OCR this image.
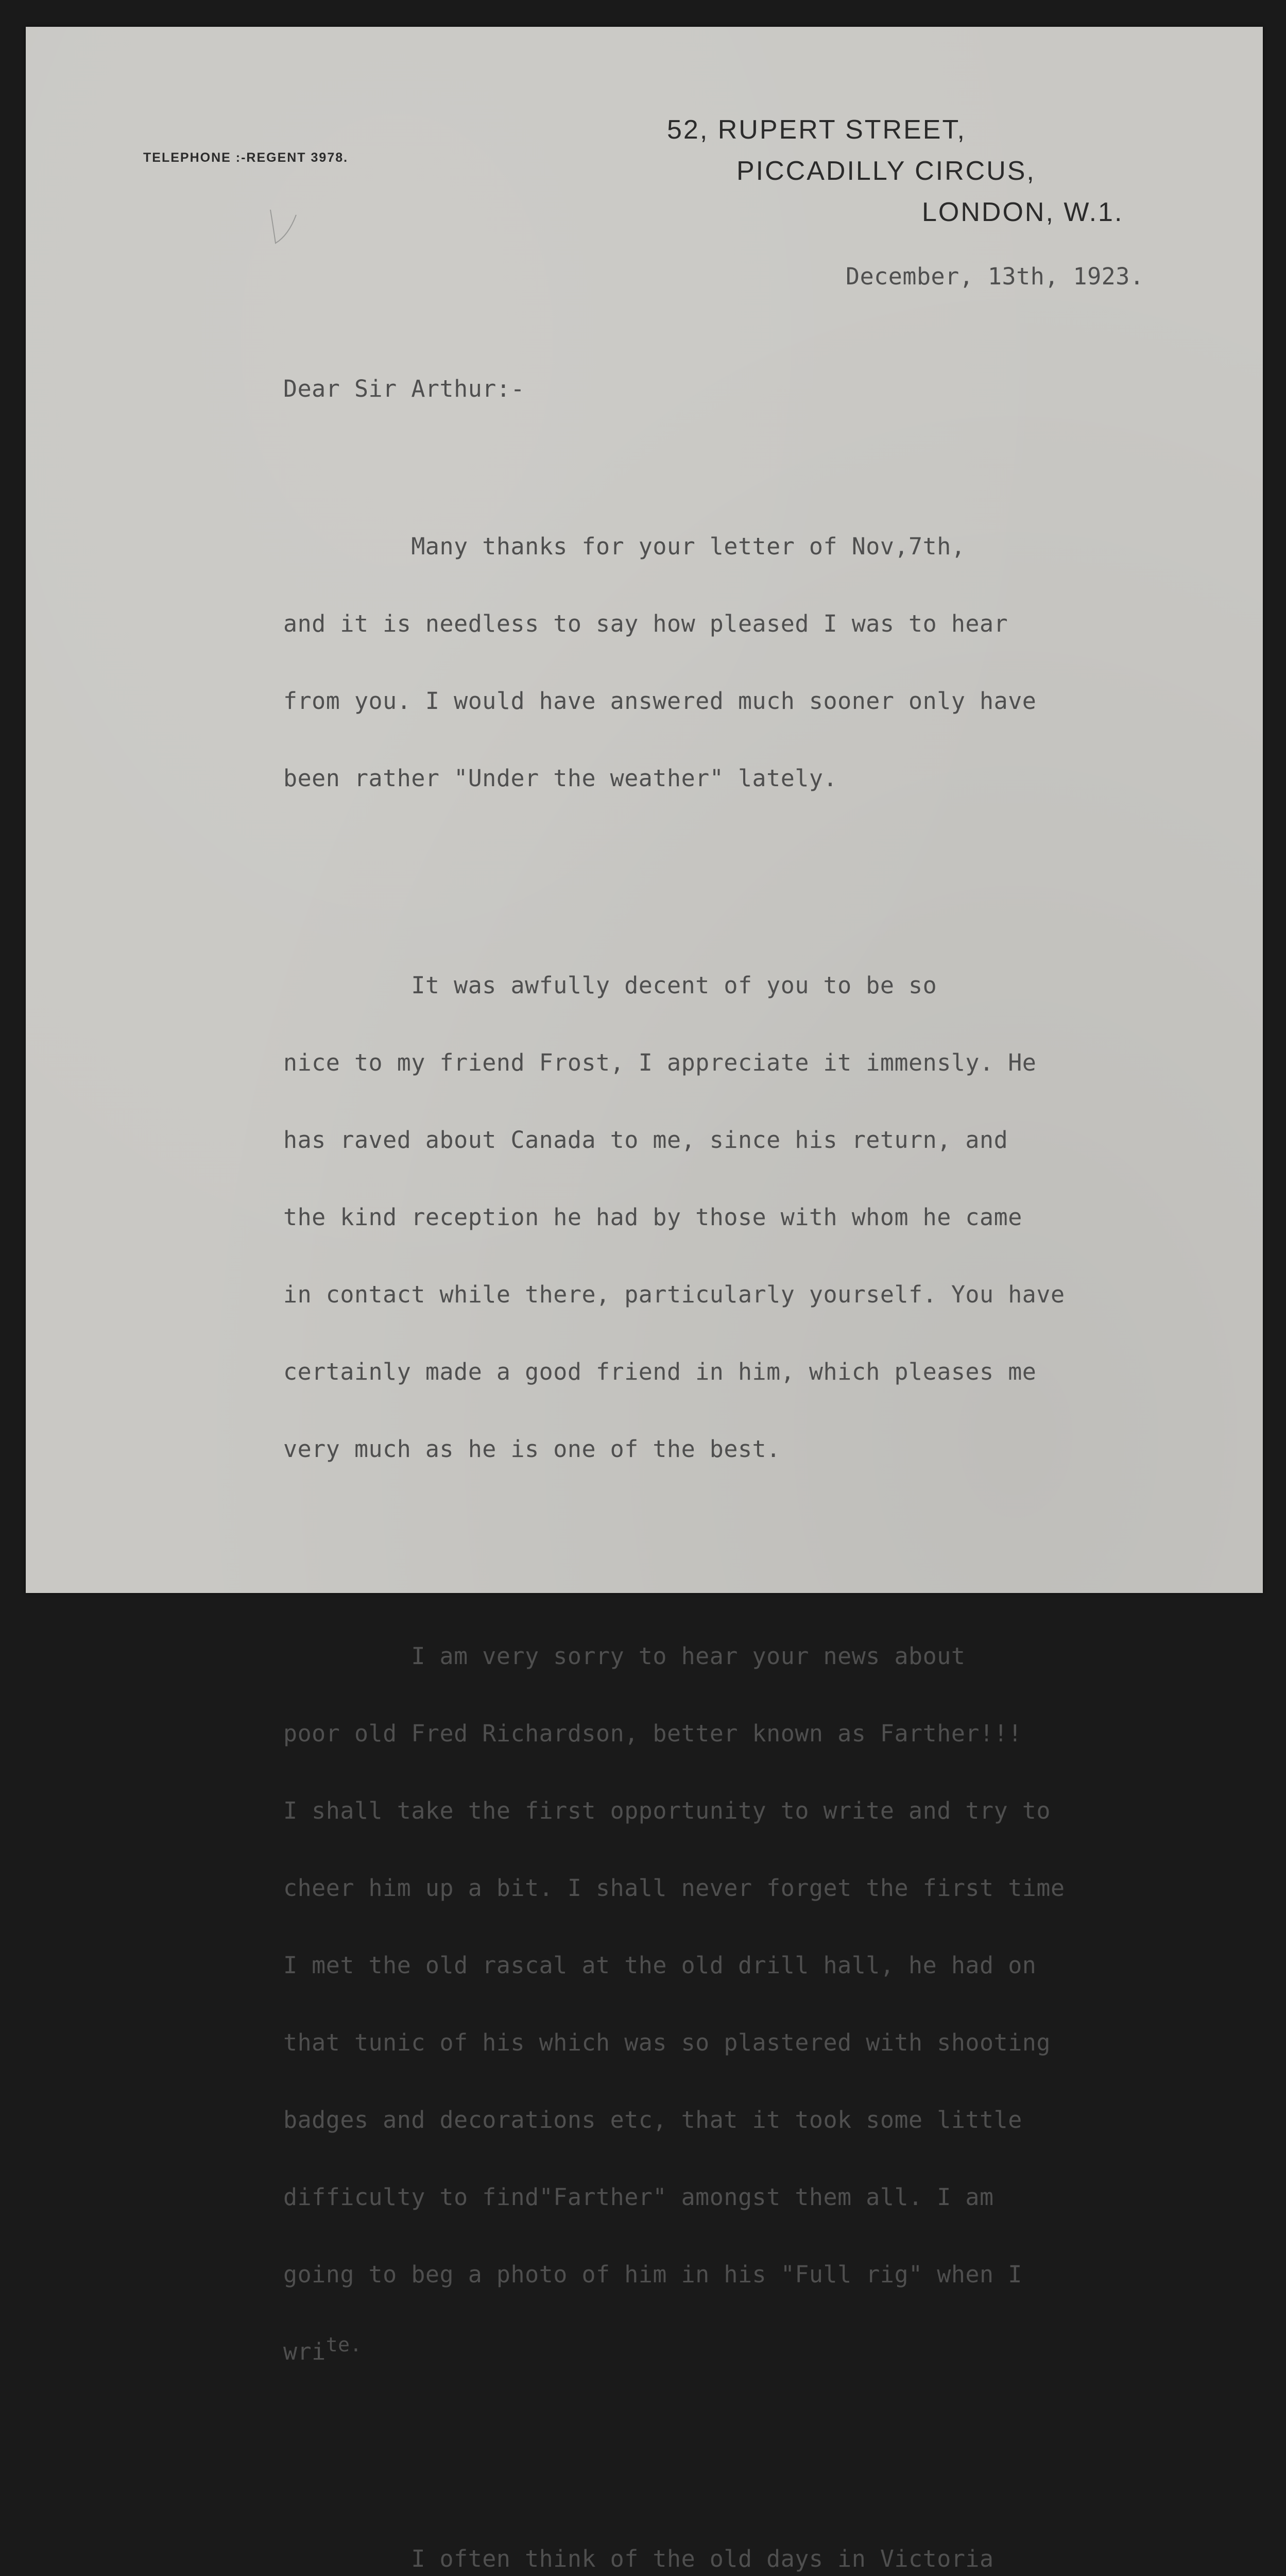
TELEPHONE :-REGENT 3978.
52, RUPERT STREET,
PICCADILLY CIRCUS,
LONDON, W.1.
December, 13th, 1923.
Dear Sir Arthur:-

Many thanks for your letter of Nov,7th,

and it is needless to say how pleased I was to hear

from you. I would have answered much sooner only have

been rather "Under the weather" lately.

It was awfully decent of you to be so

nice to my friend Frost, I appreciate it immensly. He

has raved about Canada to me, since his return, and

the kind reception he had by those with whom he came

in contact while there, particularly yourself. You have

certainly made a good friend in him, which pleases me

very much as he is one of the best.

I am very sorry to hear your news about

poor old Fred Richardson, better known as Farther!!!

I shall take the first opportunity to write and try to

cheer him up a bit. I shall never forget the first time

I met the old rascal at the old drill hall, he had on

that tunic of his which was so plastered with shooting

badges and decorations etc, that it took some little

difficulty to find"Farther" amongst them all. I am

going to beg a photo of him in his "Full rig" when I

wri$^{te.}$

I often think of the old days in Victoria
